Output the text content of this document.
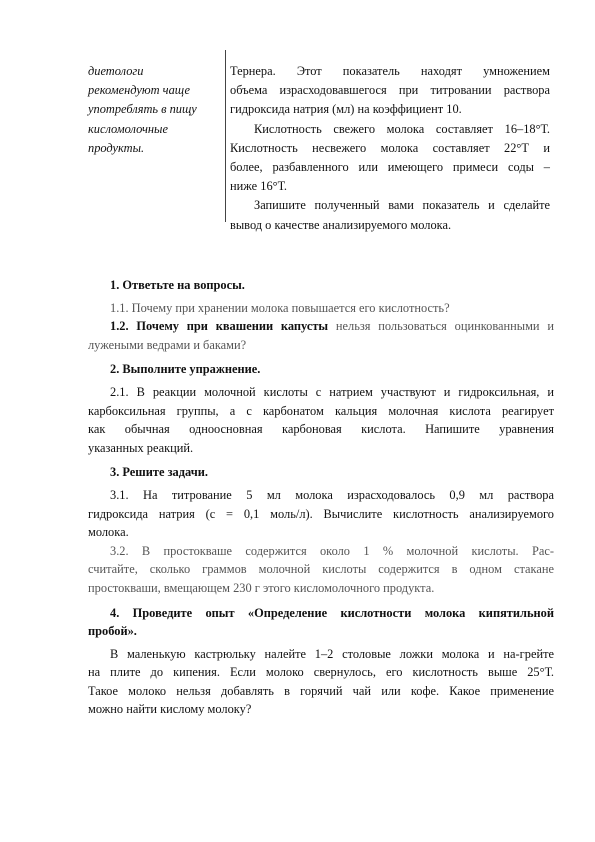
диетологи
рекомендуют чаще
употреблять в пищу
кисломолочные
продукты.

Тернера. Этот показатель находят умножением
объема израсходовавшегося при титровании раствора
гидроксида натрия (мл) на коэффициент 10.

Кислотность свежего молока составляет 16–18°Т.
Кислотность несвежего молока составляет 22°Т и
более, разбавленного или имеющего примеси соды –
ниже 16°Т.

Запишите полученный вами показатель и сделайте
вывод о качестве анализируемого молока.

1. Ответьте на вопросы.

1.1. Почему при хранении молока повышается его кислотность?

1.2. Почему при квашении капусты нельзя пользоваться оцинкованными и
лужеными ведрами и баками?

2. Выполните упражнение.

2.1. В реакции молочной кислоты с натрием участвуют и гидроксильная, и
карбоксильная группы, а с карбонатом кальция молочная кислота реагирует
как обычная одноосновная карбоновая кислота. Напишите уравнения
указанных реакций.

3. Решите задачи.

3.1. На титрование 5 мл молока израсходовалось 0,9 мл раствора
гидроксида натрия (с = 0,1 моль/л). Вычислите кислотность анализируемого
молока.

3.2. В простокваше содержится около 1 % молочной кислоты. Рас-
считайте, сколько граммов молочной кислоты содержится в одном стакане
простокваши, вмещающем 230 г этого кисломолочного продукта.

4. Проведите опыт «Определение кислотности молока кипятильной
пробой».

В маленькую кастрюльку налейте 1–2 столовые ложки молока и на-грейте
на плите до кипения. Если молоко свернулось, его кислотность выше 25°Т.
Такое молоко нельзя добавлять в горячий чай или кофе. Какое применение
можно найти кислому молоку?
